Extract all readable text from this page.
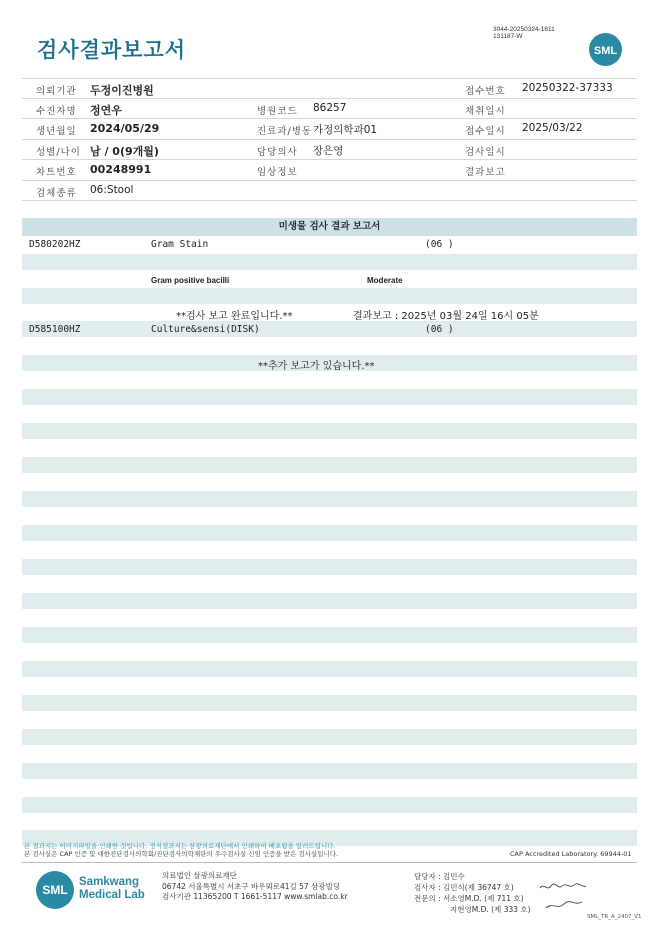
검사결과보고서
3044-20250324-1611
131187-W
SML
의뢰기관 두정이진병원	접수번호 20250322-37333
수진자명 정연우	병원코드 86257	채취일시
생년월일 2024/05/29	진료과/병동 가정의학과01	접수일시 2025/03/22
성별/나이 남 / 0(9개월)	담당의사 장은영	검사일시
차트번호 00248991	임상정보	결과보고
검체종류 06:Stool
미생물 검사 결과 보고서
D580202HZ	Gram Stain	(06 )
Gram positive bacilli	Moderate
**검사 보고 완료입니다.**	결과보고 : 2025년 03월 24일 16시 05분
D585100HZ	Culture&sensi(DISK)	(06 )
**추가 보고가 있습니다.**
본 결과지는 이미지파일을 인쇄한 것입니다. 정식결과지는 삼광의료재단에서 인쇄하여 배포됨을 알려드립니다.
본 검사실은 CAP 인증 및 대한진단검사의학회/진단검사의학재단의 우수검사실 신임 인증을 받은 검사실입니다.	CAP Accredited Laboratory. 69944-01
SML
Samkwang
Medical Lab
의료법인 삼광의료재단
06742 서울특별시 서초구 바우뫼로41길 57 삼광빌딩
검사기관 11365200 T 1661-5117 www.smlab.co.kr
담당자 : 김민수
검사자 : 김민식(제 36747 호)
전문의 : 서소영M.D. (제 711 호)
지현영M.D. (제 333 호)
SML_TR_A_2407_V1
